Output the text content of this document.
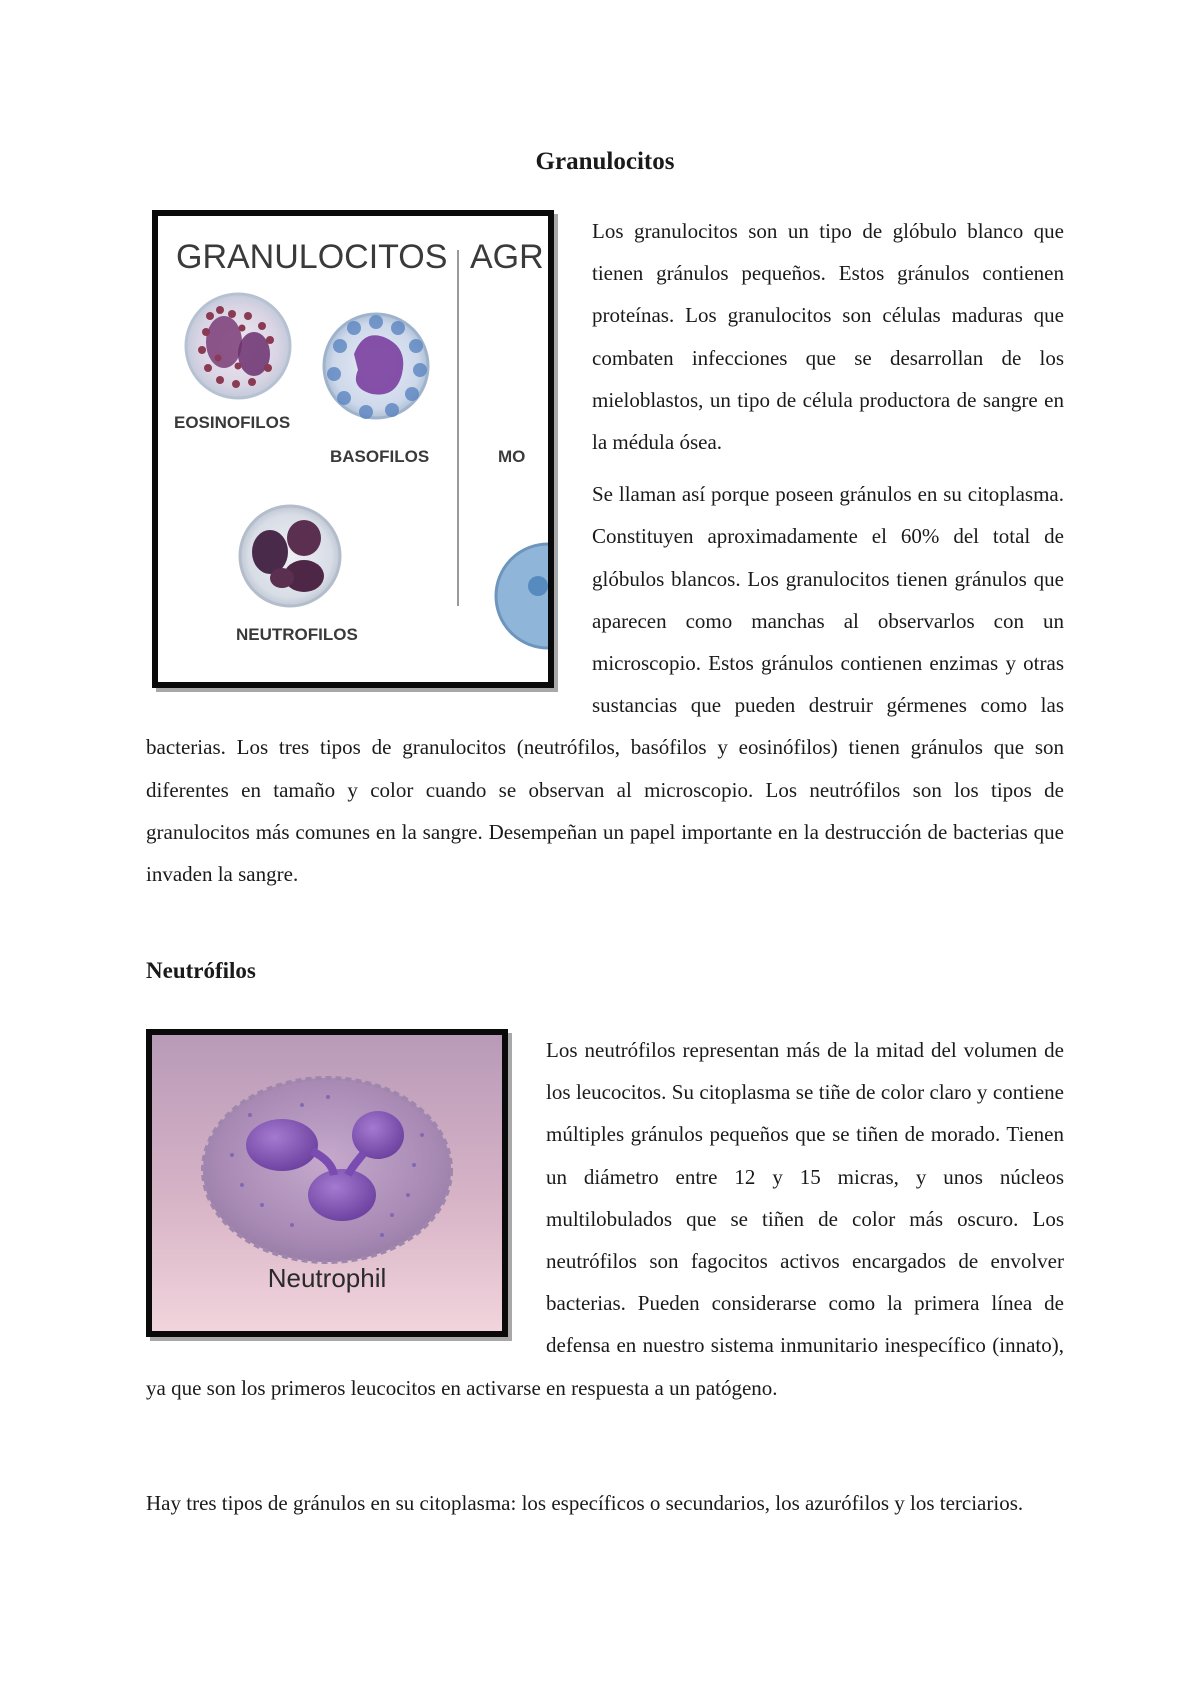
Granulocitos
GRANULOCITOS AGR
EOSINOFILOS
BASOFILOS
NEUTROFILOS
MO

Los granulocitos son un tipo de glóbulo blanco que tienen gránulos pequeños. Estos gránulos contienen proteínas. Los granulocitos son células maduras que combaten infecciones que se desarrollan de los mieloblastos, un tipo de célula productora de sangre en la médula ósea.

Se llaman así porque poseen gránulos en su citoplasma. Constituyen aproximadamente el 60% del total de glóbulos blancos. Los granulocitos tienen gránulos que aparecen como manchas al observarlos con un microscopio. Estos gránulos contienen enzimas y otras sustancias que pueden destruir gérmenes como las bacterias. Los tres tipos de granulocitos (neutrófilos, basófilos y eosinófilos) tienen gránulos que son diferentes en tamaño y color cuando se observan al microscopio. Los neutrófilos son los tipos de granulocitos más comunes en la sangre. Desempeñan un papel importante en la destrucción de bacterias que invaden la sangre.

Neutrófilos
Neutrophil

Los neutrófilos representan más de la mitad del volumen de los leucocitos. Su citoplasma se tiñe de color claro y contiene múltiples gránulos pequeños que se tiñen de morado. Tienen un diámetro entre 12 y 15 micras, y unos núcleos multilobulados que se tiñen de color más oscuro. Los neutrófilos son fagocitos activos encargados de envolver bacterias. Pueden considerarse como la primera línea de defensa en nuestro sistema inmunitario inespecífico (innato), ya que son los primeros leucocitos en activarse en respuesta a un patógeno.

Hay tres tipos de gránulos en su citoplasma: los específicos o secundarios, los azurófilos y los terciarios.
